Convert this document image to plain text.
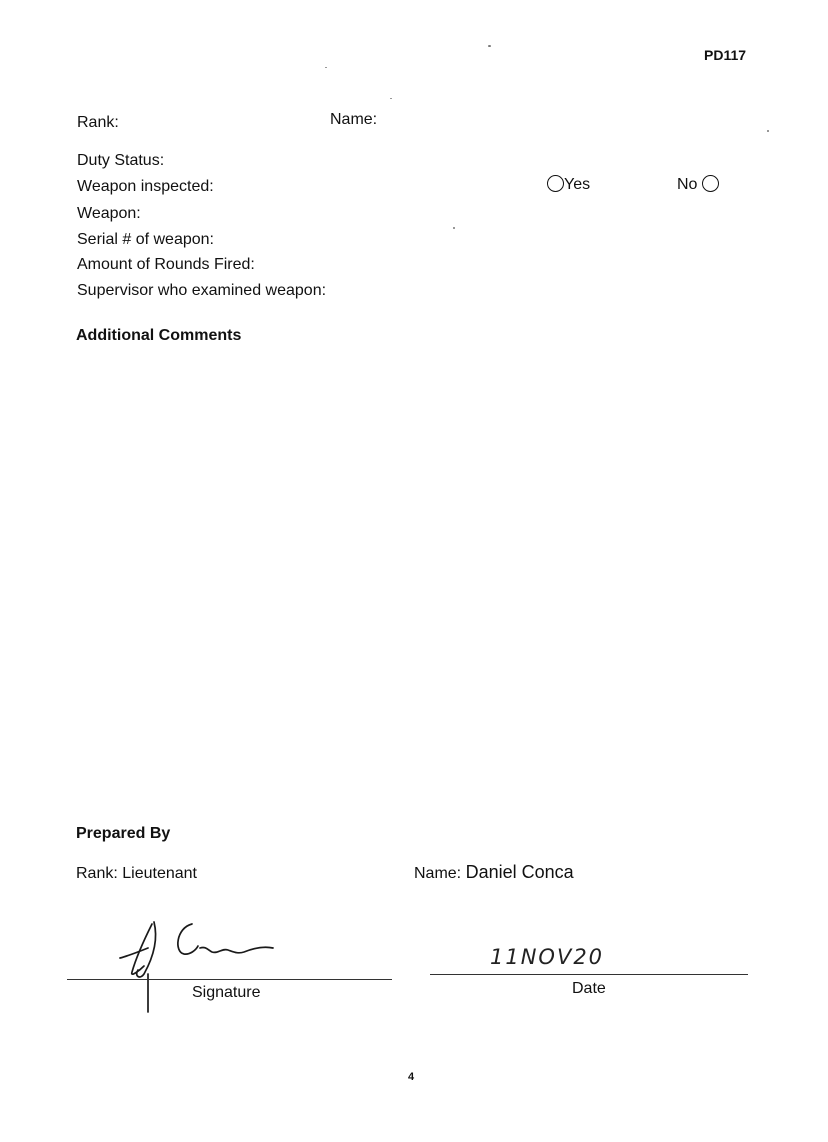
PD117
Rank:	Name:
Duty Status:
Weapon inspected:	Yes	No
Weapon:
Serial # of weapon:
Amount of Rounds Fired:
Supervisor who examined weapon:
Additional Comments
Prepared By
Rank: Lieutenant	Name: Daniel Conca
Signature
11NOV20
Date
4
